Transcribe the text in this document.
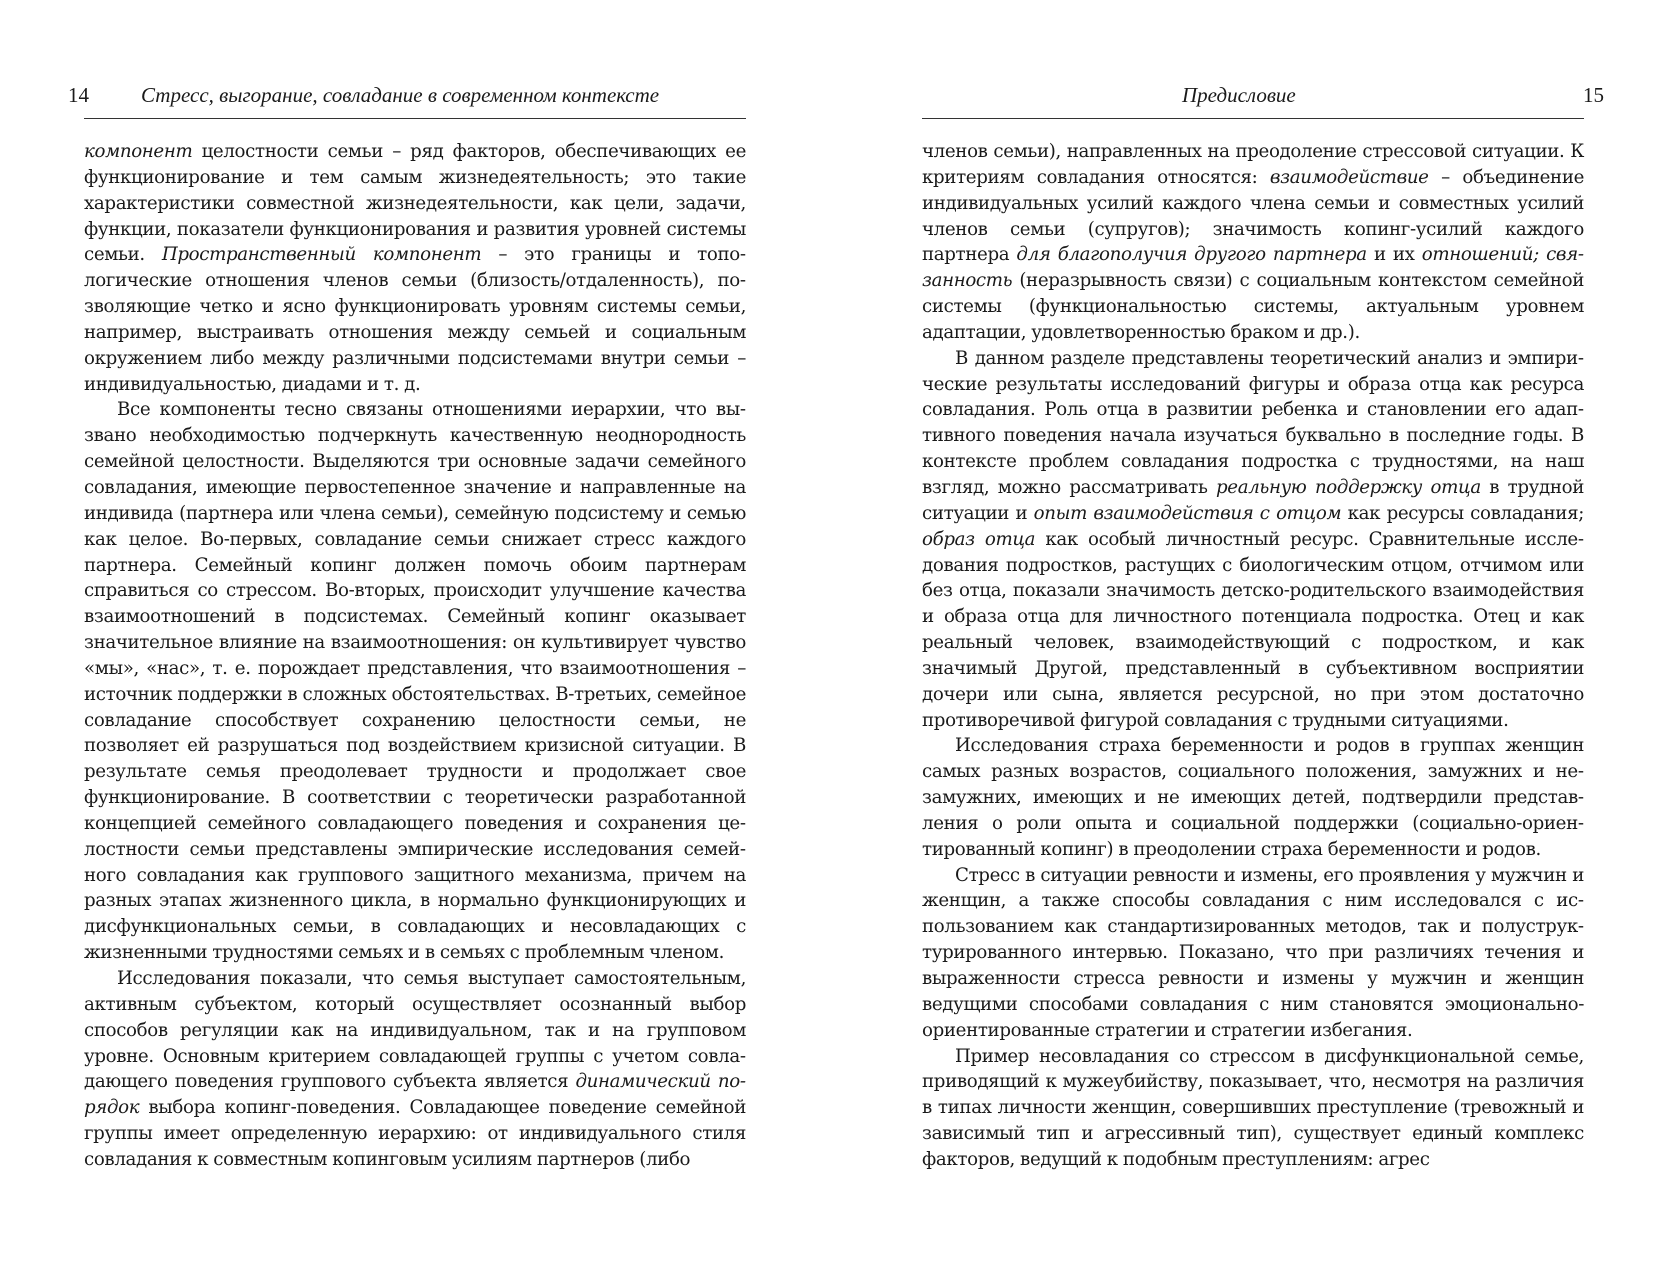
14 Стресс, выгорание, совладание в современном контексте

компонент целостности семьи – ряд факторов, обеспечивающих ее функционирование и тем самым жизнедеятельность; это такие характеристики совместной жизнедеятельности, как цели, задачи, функции, показатели функционирования и развития уровней системы семьи. Пространственный компонент – это границы и топологические отношения членов семьи (близость/отдаленность), позволяющие четко и ясно функционировать уровням системы семьи, например, выстраивать отношения между семьей и социальным окружением либо между различными подсистемами внутри семьи – индивидуальностью, диадами и т. д.

Все компоненты тесно связаны отношениями иерархии, что вызвано необходимостью подчеркнуть качественную неоднородность семейной целостности. Выделяются три основные задачи семейного совладания, имеющие первостепенное значение и направленные на индивида (партнера или члена семьи), семейную подсистему и семью как целое. Во-первых, совладание семьи снижает стресс каждого партнера. Семейный копинг должен помочь обоим партнерам справиться со стрессом. Во-вторых, происходит улучшение качества взаимоотношений в подсистемах. Семейный копинг оказывает значительное влияние на взаимоотношения: он культивирует чувство «мы», «нас», т. е. порождает представления, что взаимоотношения – источник поддержки в сложных обстоятельствах. В-третьих, семейное совладание способствует сохранению целостности семьи, не позволяет ей разрушаться под воздействием кризисной ситуации. В результате семья преодолевает трудности и продолжает свое функционирование. В соответствии с теоретически разработанной концепцией семейного совладающего поведения и сохранения целостности семьи представлены эмпирические исследования семейного совладания как группового защитного механизма, причем на разных этапах жизненного цикла, в нормально функционирующих и дисфункциональных семьи, в совладающих и несовладающих с жизненными трудностями семьях и в семьях с проблемным членом.

Исследования показали, что семья выступает самостоятельным, активным субъектом, который осуществляет осознанный выбор способов регуляции как на индивидуальном, так и на групповом уровне. Основным критерием совладающей группы с учетом совладающего поведения группового субъекта является динамический порядок выбора копинг-поведения. Совладающее поведение семейной группы имеет определенную иерархию: от индивидуального стиля совладания к совместным копинговым усилиям партнеров (либо

Предисловие	15

членов семьи), направленных на преодоление стрессовой ситуации. К критериям совладания относятся: взаимодействие – объединение индивидуальных усилий каждого члена семьи и совместных усилий членов семьи (супругов); значимость копинг-усилий каждого партнера для благополучия другого партнера и их отношений; связанность (неразрывность связи) с социальным контекстом семейной системы (функциональностью системы, актуальным уровнем адаптации, удовлетворенностью браком и др.).

В данном разделе представлены теоретический анализ и эмпирические результаты исследований фигуры и образа отца как ресурса совладания. Роль отца в развитии ребенка и становлении его адаптивного поведения начала изучаться буквально в последние годы. В контексте проблем совладания подростка с трудностями, на наш взгляд, можно рассматривать реальную поддержку отца в трудной ситуации и опыт взаимодействия с отцом как ресурсы совладания; образ отца как особый личностный ресурс. Сравнительные исследования подростков, растущих с биологическим отцом, отчимом или без отца, показали значимость детско-родительского взаимодействия и образа отца для личностного потенциала подростка. Отец и как реальный человек, взаимодействующий с подростком, и как значимый Другой, представленный в субъективном восприятии дочери или сына, является ресурсной, но при этом достаточно противоречивой фигурой совладания с трудными ситуациями.

Исследования страха беременности и родов в группах женщин самых разных возрастов, социального положения, замужних и незамужних, имеющих и не имеющих детей, подтвердили представления о роли опыта и социальной поддержки (социально-ориентированный копинг) в преодолении страха беременности и родов.

Стресс в ситуации ревности и измены, его проявления у мужчин и женщин, а также способы совладания с ним исследовался с использованием как стандартизированных методов, так и полуструктурированного интервью. Показано, что при различиях течения и выраженности стресса ревности и измены у мужчин и женщин ведущими способами совладания с ним становятся эмоционально-ориентированные стратегии и стратегии избегания.

Пример несовладания со стрессом в дисфункциональной семье, приводящий к мужеубийству, показывает, что, несмотря на различия в типах личности женщин, совершивших преступление (тревожный и зависимый тип и агрессивный тип), существует единый комплекс факторов, ведущий к подобным преступлениям: агрес
